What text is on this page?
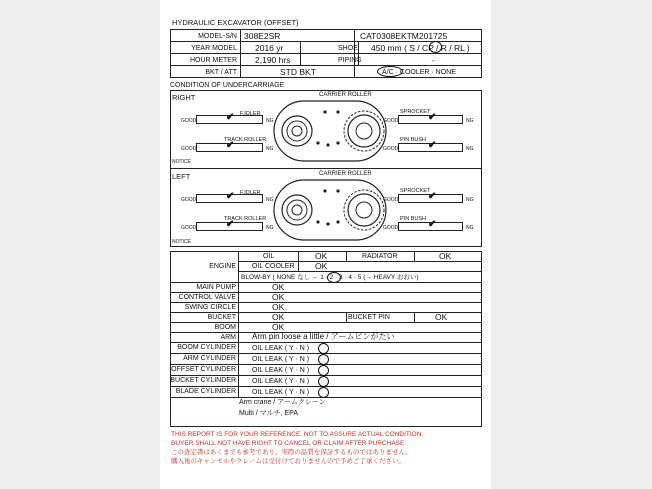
HYDRAULIC EXCAVATOR (OFFSET)
MODEL-S/N 308E2SR	CAT0308EKTM201725
YEAR MODEL 2016 yr	SHOE 450 mm ( S / CP / R / RL )
HOUR METER 2,190 hrs	PIPING	-
BKT / ATT	STD BKT	A/C · COOLER · NONE
CONDITION OF UNDERCARRIAGE
RIGHT	CARRIER ROLLER
F.IDLER	SPROCKET
TRACK ROLLER	PIN BUSH
NOTICE
GOOD	✔	NG	GOOD	✔	NG
GOOD	✔	NG	GOOD	✔	NG
LEFT	CARRIER ROLLER
F.IDLER	SPROCKET
TRACK ROLLER	PIN BUSH
NOTICE
GOOD	✔	NG	GOOD	✔	NG
GOOD	✔	NG	GOOD	✔	NG
ENGINE
OIL	OK	RADIATOR	OK
OIL COOLER OK
BLOW-BY ( NONE なし ← 1 · 2 · 3 · 4 · 5 (→ HEAVY おおい)
MAIN PUMP	OK
CONTROL VALVE	OK
SWING CIRCLE	OK
BUCKET	OK	BUCKET PIN	OK
BOOM	OK
ARM Arm pin loose a little / アームピンがたい
BOOM CYLINDER OIL LEAK ( Y · N )
ARM CYLINDER OIL LEAK ( Y · N )
OFFSET CYLINDER OIL LEAK ( Y · N )
BUCKET CYLINDER OIL LEAK ( Y · N )
BLADE CYLINDER OIL LEAK ( Y · N )
Arm crane / アームクレーン
Multi / マルチ, EPA
THIS REPORT IS FOR YOUR REFERENCE, NOT TO ASSURE ACTUAL CONDITION.
BUYER SHALL NOT HAVE RIGHT TO CANCEL OR CLAIM AFTER PURCHASE.
この査定書はあくまでも参考であり、実際の品質を保証するものではありません。
購入後のキャンセルやクレームは受付けておりませんので予めご了承ください。
